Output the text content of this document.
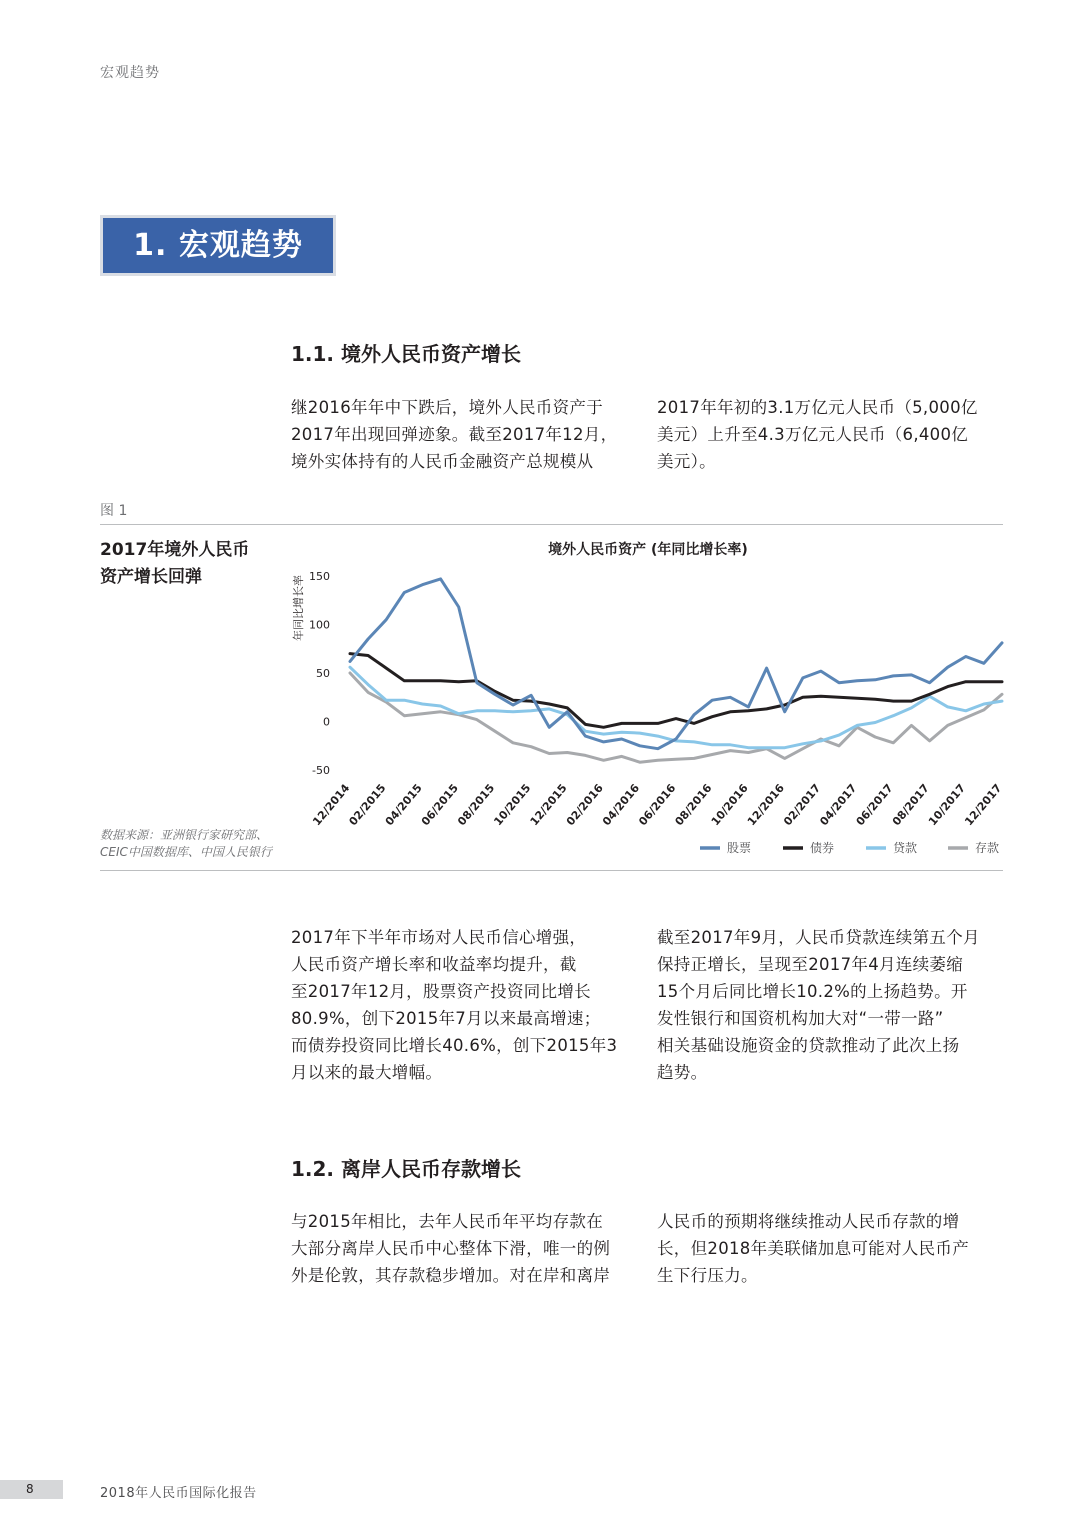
宏观趋势
1. 宏观趋势
1.1. 境外人民币资产增长
继2016年年中下跌后，境外人民币资产于
2017年出现回弹迹象。截至2017年12月，
境外实体持有的人民币金融资产总规模从
2017年年初的3.1万亿元人民币（5,000亿
美元）上升至4.3万亿元人民币（6,400亿
美元）。
图 1
2017年境外人民币
资产增长回弹
数据来源：亚洲银行家研究部、
CEIC中国数据库、中国人民银行
境外人民币资产 (年同比增长率)
年同比增长率 150
100
50
0
-50
12/2014
02/2015
04/2015
06/2015
08/2015
10/2015
12/2015
02/2016
04/2016
06/2016
08/2016
10/2016
12/2016
02/2017
04/2017
06/2017
08/2017
10/2017
12/2017
股票	债券	贷款	存款
2017年下半年市场对人民币信心增强，
人民币资产增长率和收益率均提升，截
至2017年12月，股票资产投资同比增长
80.9%，创下2015年7月以来最高增速；
而债券投资同比增长40.6%，创下2015年3
月以来的最大增幅。
截至2017年9月，人民币贷款连续第五个月
保持正增长，呈现至2017年4月连续萎缩
15个月后同比增长10.2%的上扬趋势。开
发性银行和国资机构加大对“一带一路”
相关基础设施资金的贷款推动了此次上扬
趋势。
1.2. 离岸人民币存款增长
与2015年相比，去年人民币年平均存款在
大部分离岸人民币中心整体下滑，唯一的例
外是伦敦，其存款稳步增加。对在岸和离岸
人民币的预期将继续推动人民币存款的增
长，但2018年美联储加息可能对人民币产
生下行压力。
8	2018年人民币国际化报告
